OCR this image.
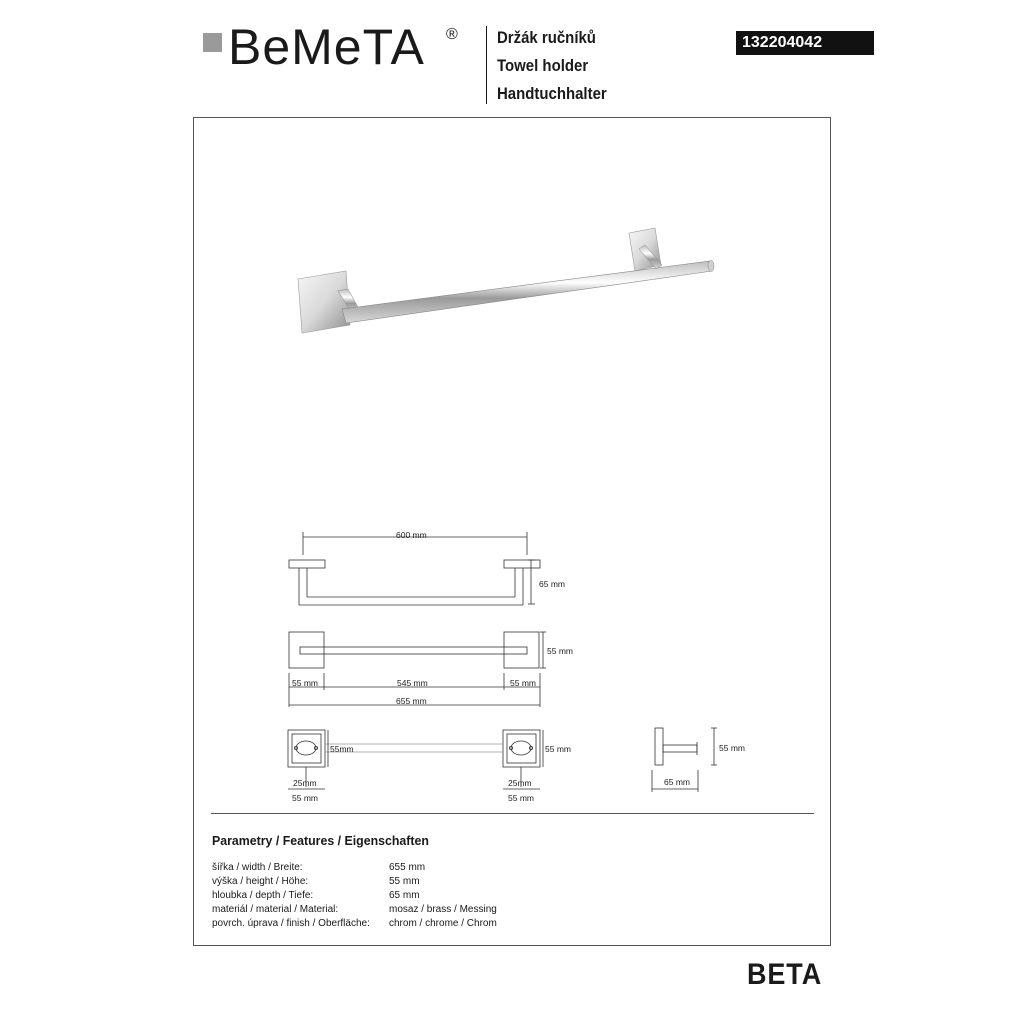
BeMeTA ® Držák ručníků
Towel holder
Handtuchhalter
132204042
600 mm
65 mm
55 mm
55 mm	545 mm	55 mm
655 mm
55mm
25mm
55 mm
55 mm
25mm
55 mm
55 mm
65 mm
Parametry / Features / Eigenschaften
šířka / width / Breite:	655 mm
výška / height / Höhe:	55 mm
hloubka / depth / Tiefe:	65 mm
materiál / material / Material:	mosaz / brass / Messing
povrch. úprava / finish / Oberfläche: chrom / chrome / Chrom
BETA
